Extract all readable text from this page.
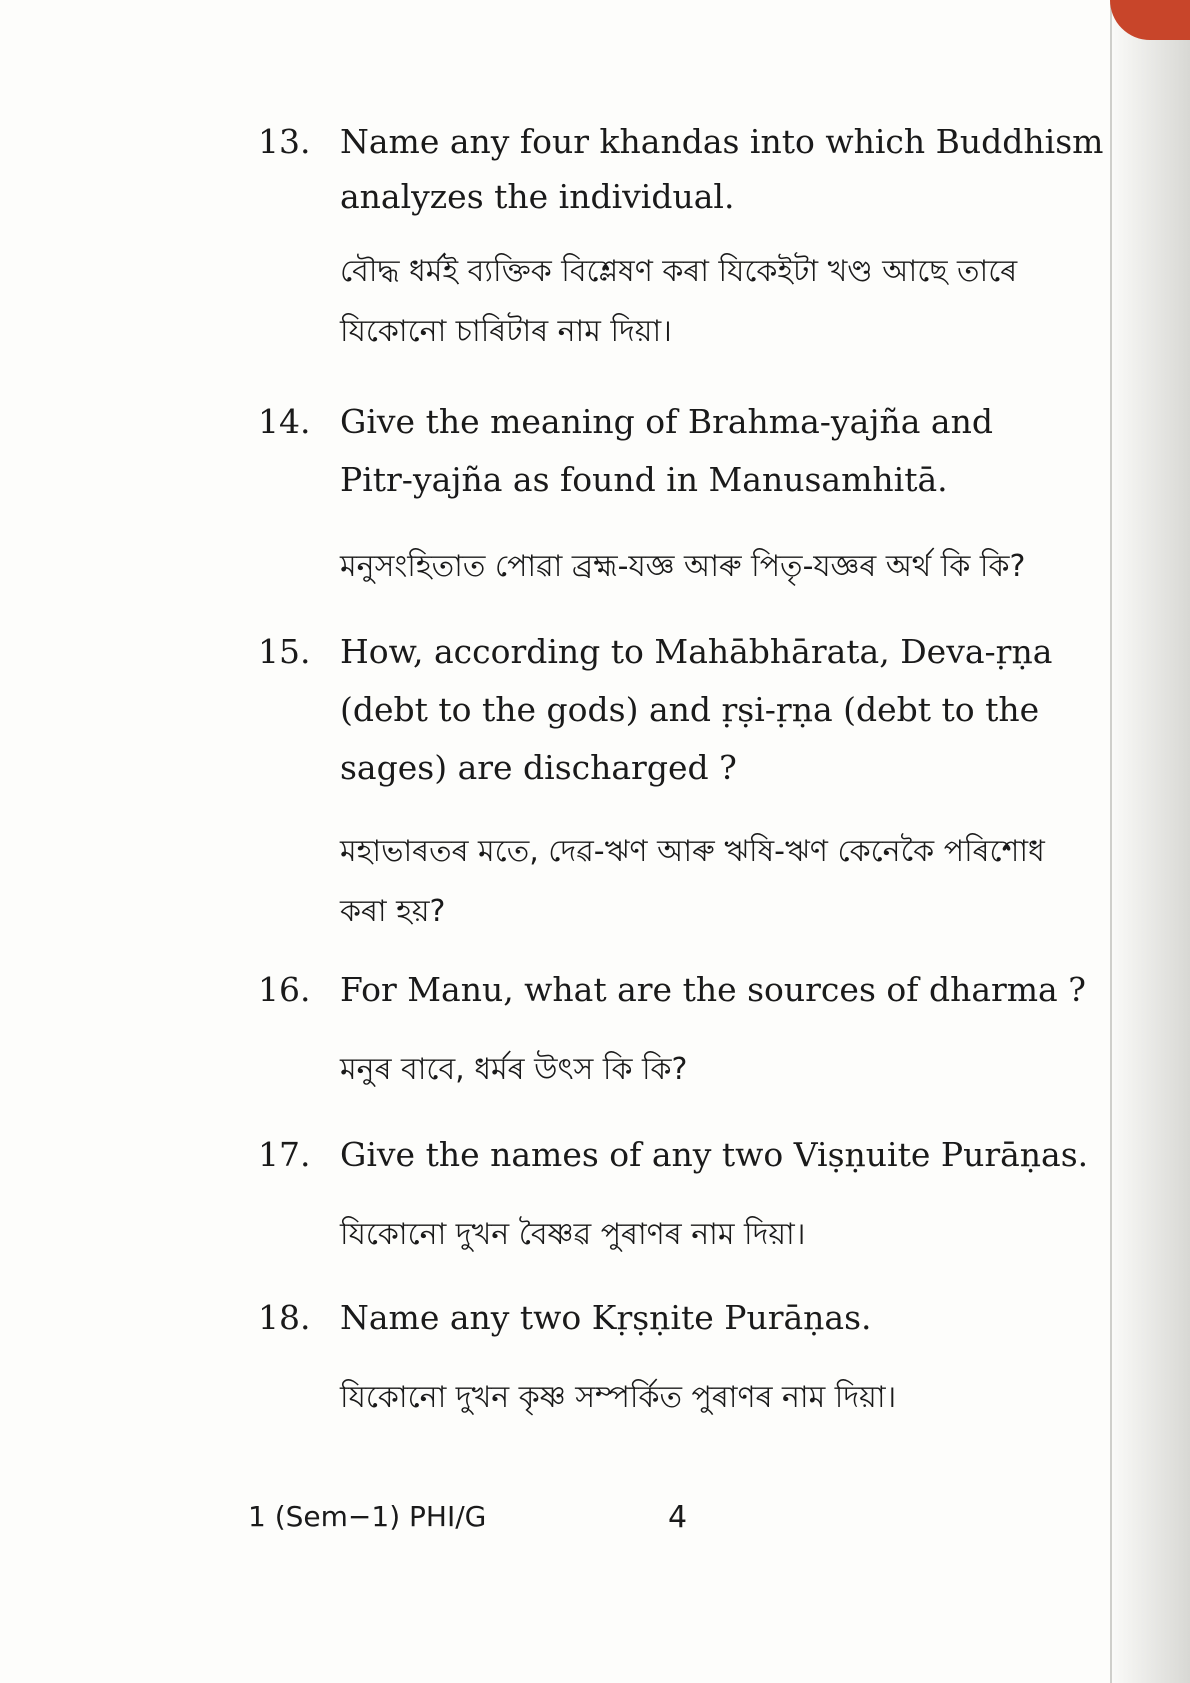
13. Name any four khandas into which Buddhism
analyzes the individual.
বৌদ্ধ ধৰ্মই ব্যক্তিক বিশ্লেষণ কৰা যিকেইটা খণ্ড আছে তাৰে
যিকোনো চাৰিটাৰ নাম দিয়া।
14. Give the meaning of Brahma-yajña and
Pitr-yajña as found in Manusamhitā.
মনুসংহিতাত পোৱা ব্ৰহ্ম-যজ্ঞ আৰু পিতৃ-যজ্ঞৰ অৰ্থ কি কি?
15. How, according to Mahābhārata, Deva-ṛṇa
(debt to the gods) and ṛṣi-ṛṇa (debt to the
sages) are discharged ?
মহাভাৰতৰ মতে, দেৱ-ঋণ আৰু ঋষি-ঋণ কেনেকৈ পৰিশোধ
কৰা হয়?
16. For Manu, what are the sources of dharma ?
মনুৰ বাবে, ধৰ্মৰ উৎস কি কি?
17. Give the names of any two Viṣṇuite Purāṇas.
যিকোনো দুখন বৈষ্ণৱ পুৰাণৰ নাম দিয়া।
18. Name any two Kṛṣṇite Purāṇas.
যিকোনো দুখন কৃষ্ণ সম্পৰ্কিত পুৰাণৰ নাম দিয়া।
1 (Sem−1) PHI/G	4
